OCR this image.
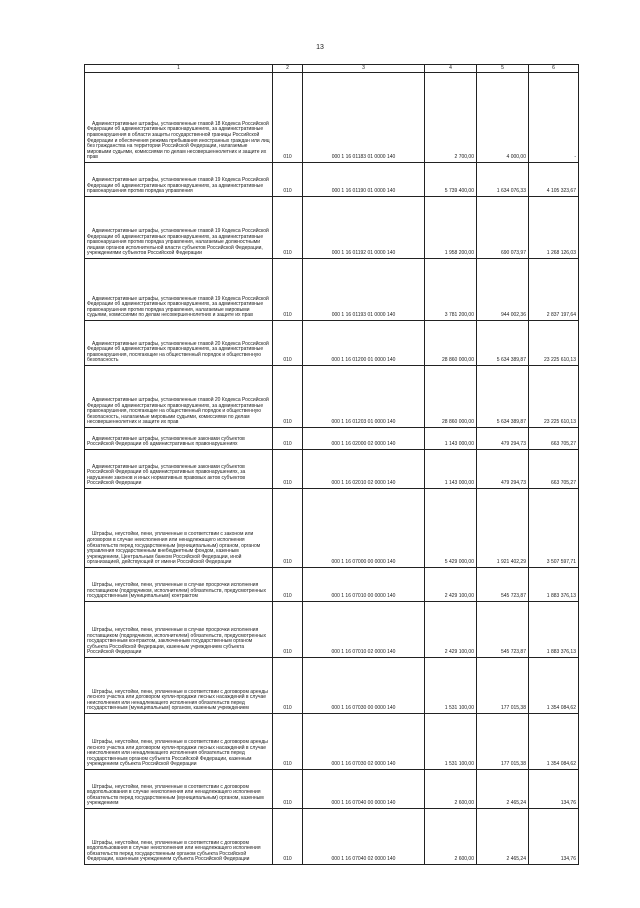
13
1	2	3	4	5	6
Административные штрафы, установленные главой 18 Кодекса Российской Федерации об административных правонарушениях, за административные правонарушения в области защиты государственной границы Российской Федерации и обеспечения режима пребывания иностранных граждан или лиц без гражданства на территории Российской Федерации, налагаемые мировыми судьями, комиссиями по делам несовершеннолетних и защите их прав	010	000 1 16 01183 01 0000 140	2 700,00	4 000,00	-
Административные штрафы, установленные главой 19 Кодекса Российской Федерации об административных правонарушениях, за административные правонарушения против порядка управления	010	000 1 16 01190 01 0000 140	5 739 400,00	1 634 076,33	4 105 323,67
Административные штрафы, установленные главой 19 Кодекса Российской Федерации об административных правонарушениях, за административные правонарушения против порядка управления, налагаемые должностными лицами органов исполнительной власти субъектов Российской Федерации, учреждениями субъектов Российской Федерации	010	000 1 16 01192 01 0000 140	1 958 200,00	690 073,97	1 268 126,03
Административные штрафы, установленные главой 19 Кодекса Российской Федерации об административных правонарушениях, за административные правонарушения против порядка управления, налагаемые мировыми судьями, комиссиями по делам несовершеннолетних и защите их прав	010	000 1 16 01193 01 0000 140	3 781 200,00	944 002,36	2 837 197,64
Административные штрафы, установленные главой 20 Кодекса Российской Федерации об административных правонарушениях, за административные правонарушения, посягающие на общественный порядок и общественную безопасность	010	000 1 16 01200 01 0000 140	28 860 000,00	5 634 389,87	23 225 610,13
Административные штрафы, установленные главой 20 Кодекса Российской Федерации об административных правонарушениях, за административные правонарушения, посягающие на общественный порядок и общественную безопасность, налагаемые мировыми судьями, комиссиями по делам несовершеннолетних и защите их прав	010	000 1 16 01203 01 0000 140	28 860 000,00	5 634 389,87	23 225 610,13
Административные штрафы, установленные законами субъектов Российской Федерации об административных правонарушениях	010	000 1 16 02000 02 0000 140	1 143 000,00	479 294,73	663 705,27
Административные штрафы, установленные законами субъектов Российской Федерации об административных правонарушениях, за нарушение законов и иных нормативных правовых актов субъектов Российской Федерации	010	000 1 16 02010 02 0000 140	1 143 000,00	479 294,73	663 705,27
Штрафы, неустойки, пени, уплаченные в соответствии с законом или договором в случае неисполнения или ненадлежащего исполнения обязательств перед государственным (муниципальным) органом, органом управления государственным внебюджетным фондом, казенным учреждением, Центральным банком Российской Федерации, иной организацией, действующей от имени Российской Федерации	010	000 1 16 07000 00 0000 140	5 429 000,00	1 921 402,29	3 507 597,71
Штрафы, неустойки, пени, уплаченные в случае просрочки исполнения поставщиком (подрядчиком, исполнителем) обязательств, предусмотренных государственным (муниципальным) контрактом	010	000 1 16 07010 00 0000 140	2 429 100,00	545 723,87	1 883 376,13
Штрафы, неустойки, пени, уплаченные в случае просрочки исполнения поставщиком (подрядчиком, исполнителем) обязательств, предусмотренных государственным контрактом, заключенным государственным органом субъекта Российской Федерации, казенным учреждением субъекта Российской Федерации	010	000 1 16 07010 02 0000 140	2 429 100,00	545 723,87	1 883 376,13
Штрафы, неустойки, пени, уплаченные в соответствии с договором аренды лесного участка или договором купли-продажи лесных насаждений в случае неисполнения или ненадлежащего исполнения обязательств перед государственным (муниципальным) органом, казенным учреждением	010	000 1 16 07030 00 0000 140	1 531 100,00	177 015,38	1 354 084,62
Штрафы, неустойки, пени, уплаченные в соответствии с договором аренды лесного участка или договором купли-продажи лесных насаждений в случае неисполнения или ненадлежащего исполнения обязательств перед государственным органом субъекта Российской Федерации, казенным учреждением субъекта Российской Федерации	010	000 1 16 07030 02 0000 140	1 531 100,00	177 015,38	1 354 084,62
Штрафы, неустойки, пени, уплаченные в соответствии с договором водопользования в случае неисполнения или ненадлежащего исполнения обязательств перед государственным (муниципальным) органом, казенным учреждением	010	000 1 16 07040 00 0000 140	2 600,00	2 465,24	134,76
Штрафы, неустойки, пени, уплаченные в соответствии с договором водопользования в случае неисполнения или ненадлежащего исполнения обязательств перед государственным органом субъекта Российской Федерации, казенным учреждением субъекта Российской Федерации	010	000 1 16 07040 02 0000 140	2 600,00	2 465,24	134,76
